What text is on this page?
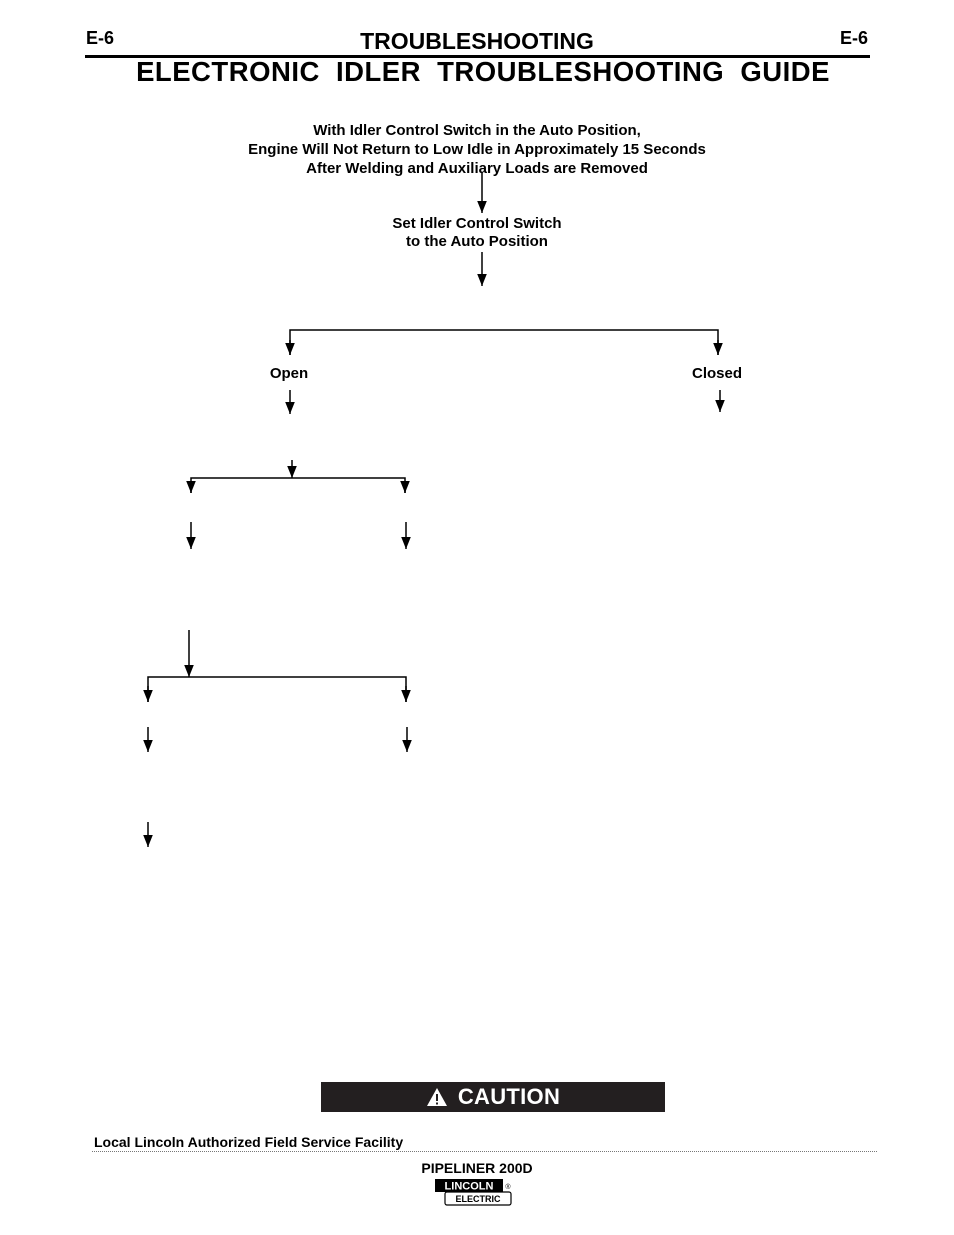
E-6	E-6
TROUBLESHOOTING
ELECTRONIC IDLER TROUBLESHOOTING GUIDE
With Idler Control Switch in the Auto Position,
Engine Will Not Return to Low Idle in Approximately 15 Seconds
After Welding and Auxiliary Loads are Removed
Set Idler Control Switch
to the Auto Position
Open	Closed
CAUTION
Local Lincoln Authorized Field Service Facility
PIPELINER 200D
LINCOLN
ELECTRIC
®
